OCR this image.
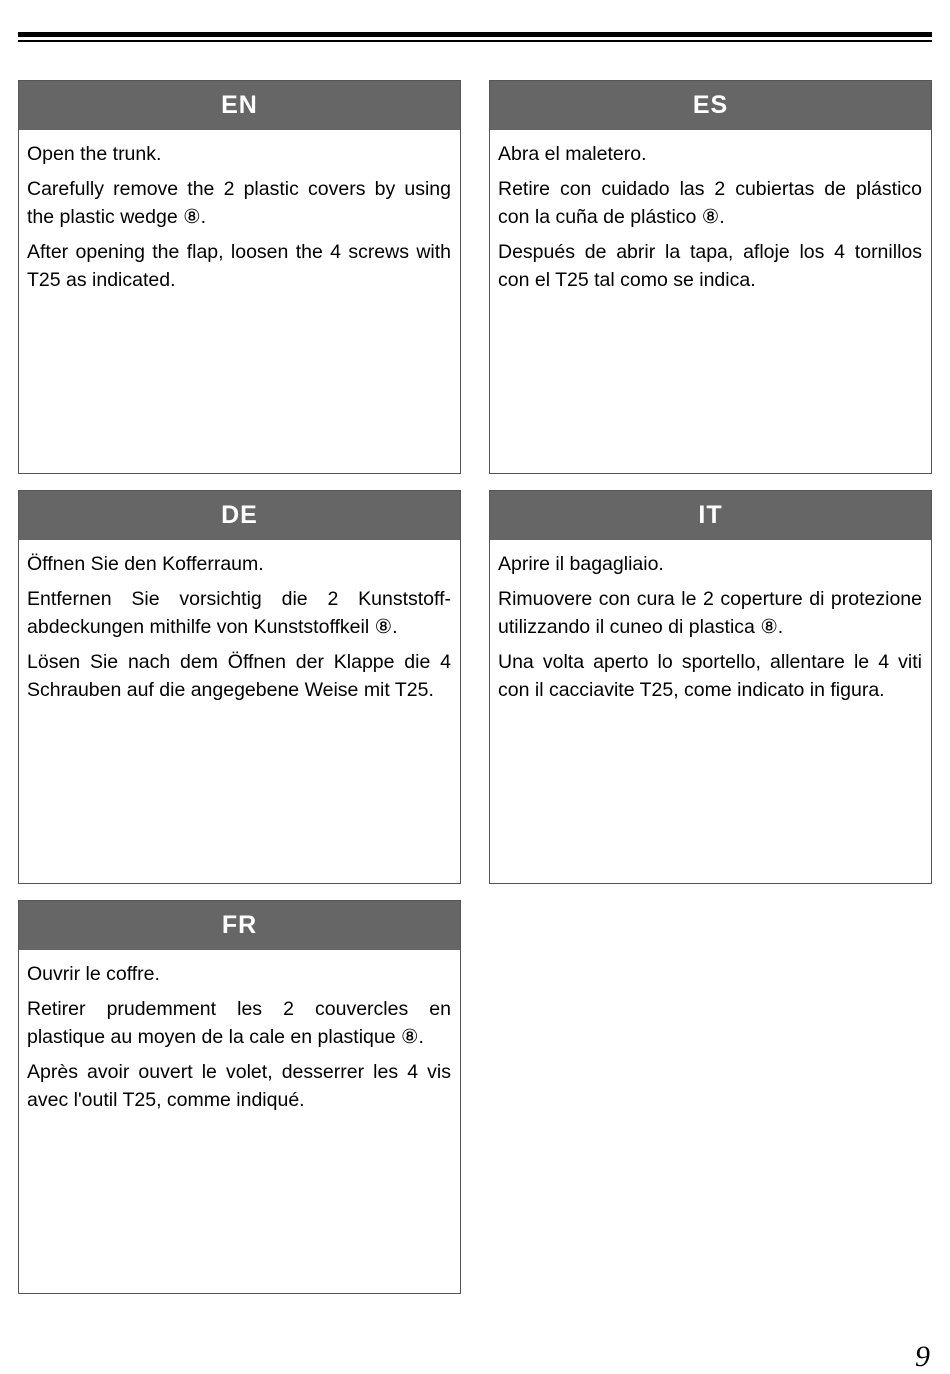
EN

Open the trunk.

Carefully remove the 2 plastic covers by using the plastic wedge ⑧.

After opening the flap, loosen the 4 screws with T25 as indicated.

ES

Abra el maletero.

Retire con cuidado las 2 cubiertas de plástico con la cuña de plástico ⑧.

Después de abrir la tapa, afloje los 4 tornillos con el T25 tal como se indica.

DE

Öffnen Sie den Kofferraum.

Entfernen Sie vorsichtig die 2 Kunststoff-abdeckungen mithilfe von Kunststoffkeil ⑧.

Lösen Sie nach dem Öffnen der Klappe die 4 Schrauben auf die angegebene Weise mit T25.

IT

Aprire il bagagliaio.

Rimuovere con cura le 2 coperture di protezione utilizzando il cuneo di plastica ⑧.

Una volta aperto lo sportello, allentare le 4 viti con il cacciavite T25, come indicato in figura.

FR

Ouvrir le coffre.

Retirer prudemment les 2 couvercles en plastique au moyen de la cale en plastique ⑧.

Après avoir ouvert le volet, desserrer les 4 vis avec l'outil T25, comme indiqué.

9
